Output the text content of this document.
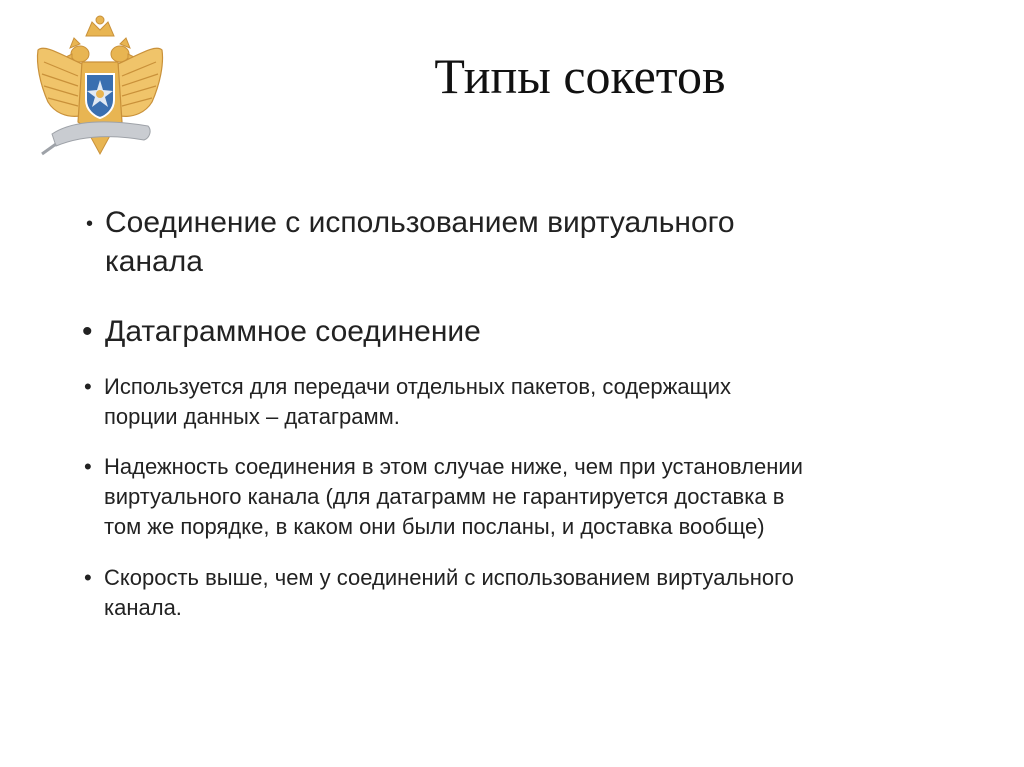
Типы сокетов
• Соединение с использованием виртуального
канала
• Датаграммное соединение
• Используется для передачи отдельных пакетов, содержащих
порции данных – датаграмм.
• Надежность соединения в этом случае ниже, чем при установлении
виртуального канала (для датаграмм не гарантируется доставка в
том же порядке, в каком они были посланы, и доставка вообще)
• Скорость выше, чем у соединений с использованием виртуального
канала.
